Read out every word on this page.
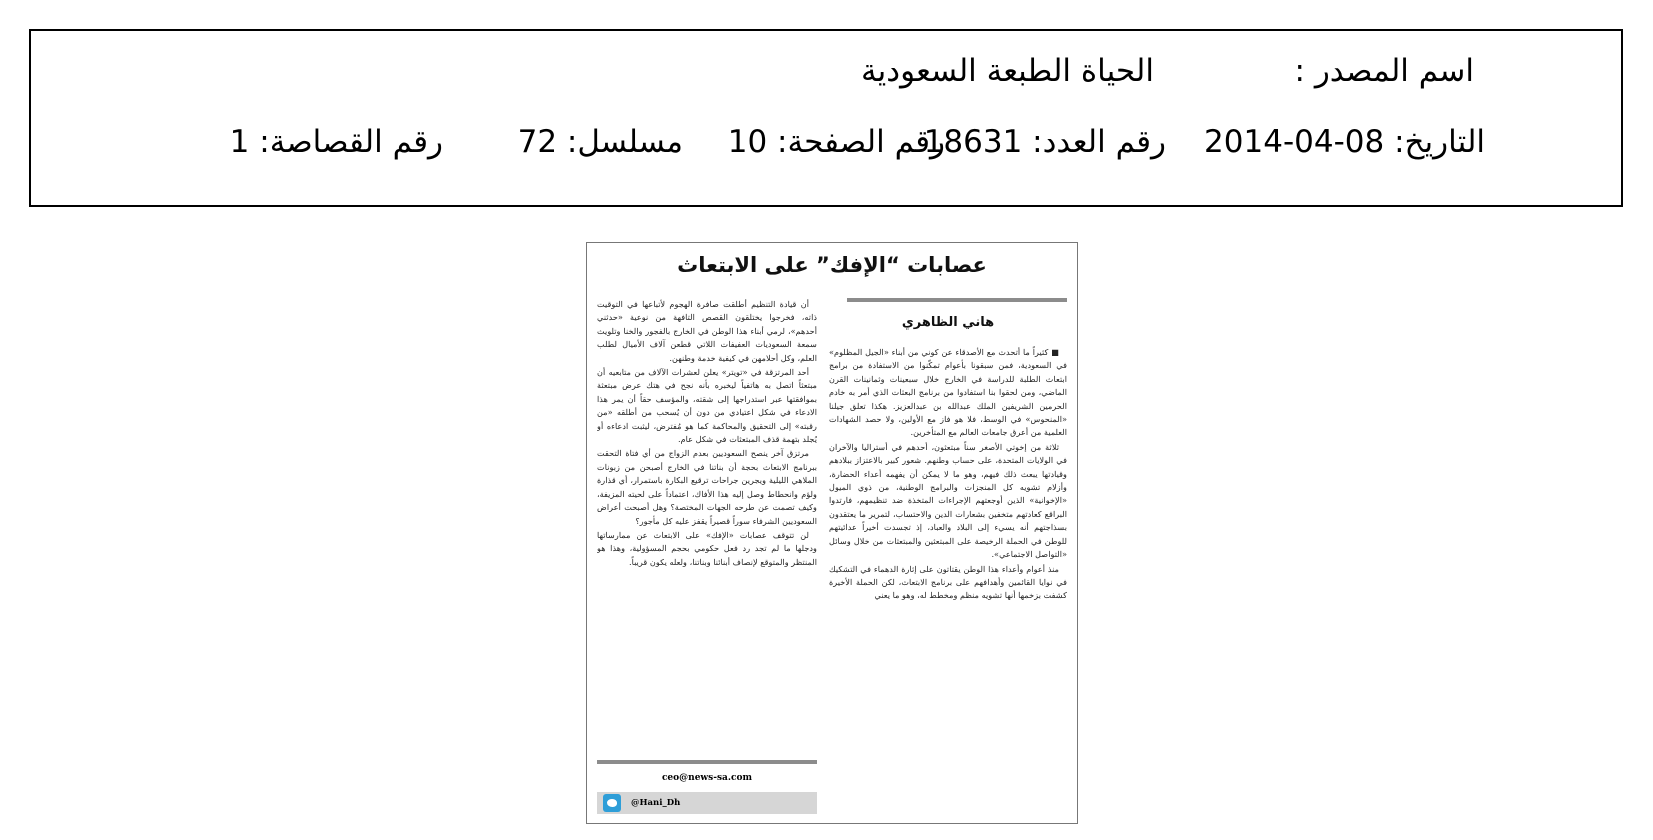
اسم المصدر :
الحياة الطبعة السعودية
التاريخ: 08-04-2014
رقم العدد: 18631
رقم الصفحة: 10
مسلسل: 72
رقم القصاصة: 1
عصابات “الإفك” على الابتعاث
هاني الظاهري

■ كثيراً ما أتحدث مع الأصدقاء عن كوني من أبناء «الجيل المظلوم» في السعودية، فمن سبقونا بأعوام تمكّنوا من الاستفادة من برامج ابتعاث الطلبة للدراسة في الخارج خلال سبعينات وثمانينات القرن الماضي، ومن لحقوا بنا استفادوا من برنامج البعثات الذي أمر به خادم الحرمين الشريفين الملك عبدالله بن عبدالعزيز. هكذا تعلق جيلنا «المنحوس» في الوسط، فلا هو فاز مع الأولين، ولا حصد الشهادات العلمية من أعرق جامعات العالم مع المتأخرين.

ثلاثة من إخوتي الأصغر سناً مبتعثون، أحدهم في أستراليا والآخران في الولايات المتحدة، على حساب وطنهم. شعور كبير بالاعتزاز ببلادهم وقيادتها يبعث ذلك فيهم، وهو ما لا يمكن أن يفهمه أعداء الحضارة، وأزلام تشويه كل المنجزات والبرامج الوطنية، من ذوي الميول «الإخوانية» الذين أوجعتهم الإجراءات المتخذة ضد تنظيمهم، فارتدوا البراقع كعادتهم متخفين بشعارات الدين والاحتساب، لتمرير ما يعتقدون بسذاجتهم أنه يسيء إلى البلاد والعباد، إذ تجسدت أخيراً عدائيتهم للوطن في الحملة الرخيصة على المبتعثين والمبتعثات من خلال وسائل «التواصل الاجتماعي».

منذ أعوام وأعداء هذا الوطن يقتاتون على إثارة الدهماء في التشكيك في نوايا القائمين وأهدافهم على برنامج الابتعاث، لكن الحملة الأخيرة كشفت بزخمها أنها تشويه منظم ومخطط له، وهو ما يعني

أن قيادة التنظيم أطلقت صافرة الهجوم لأتباعها في التوقيت ذاته، فخرجوا يختلقون القصص التافهة من نوعية «حدثني أحدهم»، لرمي أبناء هذا الوطن في الخارج بالفجور والخنا وتلويث سمعة السعوديات العفيفات اللاتي قطعن آلاف الأميال لطلب العلم، وكل أحلامهن في كيفية خدمة وطنهن.

أحد المرتزقة في «تويتر» يعلن لعشرات الآلاف من متابعيه أن مبتعثاً اتصل به هاتفياً ليخبره بأنه نجح في هتك عرض مبتعثة بموافقتها عبر استدراجها إلى شقته، والمؤسف حقاً أن يمر هذا الادعاء في شكل اعتيادي من دون أن يُسحب من أطلقه «من رقبته» إلى التحقيق والمحاكمة كما هو مُفترض، ليثبت ادعاءه أو يُجلد بتهمة قذف المبتعثات في شكل عام.

مرتزق آخر ينصح السعوديين بعدم الزواج من أي فتاة التحقت ببرنامج الابتعاث بحجة أن بناتنا في الخارج أصبحن من زبونات الملاهي الليلية ويجرين جراحات ترقيع البكارة باستمرار، أي قذارة ولؤم وانحطاط وصل إليه هذا الأفاك، اعتماداً على لحيته المزيفة، وكيف تصمت عن طرحه الجهات المختصة؟ وهل أصبحت أعراض السعوديين الشرفاء سوراً قصيراً يقفز عليه كل مأجور؟

لن تتوقف عصابات «الإفك» على الابتعاث عن ممارساتها ودجلها ما لم تجد رد فعل حكومي بحجم المسؤولية، وهذا هو المنتظر والمتوقع لإنصاف أبنائنا وبناتنا، ولعله يكون قريباً.

ceo@news-sa.com
@Hani_Dh
